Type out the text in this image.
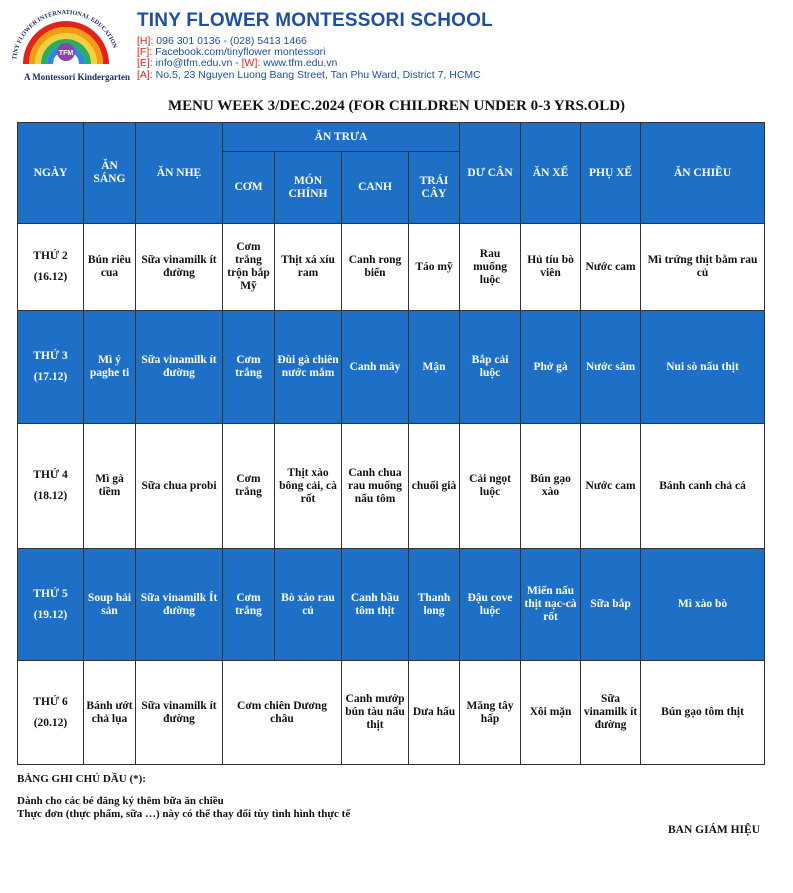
TFM
TINY FLOWER INTERNATIONAL EDUCATION
A Montessori Kindergarten
TINY FLOWER MONTESSORI SCHOOL
[H]: 096 301 0136 - (028) 5413 1466
[F]: Facebook.com/tinyflower montessori
[E]: info@tfm.edu.vn - [W]: www.tfm.edu.vn
[A]: No.5, 23 Nguyen Luong Bang Street, Tan Phu Ward, District 7, HCMC
MENU WEEK 3/DEC.2024 (FOR CHILDREN UNDER 0-3 YRS.OLD)
NGÀY	ĂN SÁNG	ĂN NHẸ	ĂN TRƯA				DƯ CÂN	ĂN XẾ	PHỤ XẾ	ĂN CHIỀU
			CƠM	MÓN CHÍNH	CANH	TRÁI CÂY				

THỨ 2
(16.12)	Bún riêu cua	Sữa vinamilk ít đường	Cơm trắng trộn bắp Mỹ	Thịt xá xíu ram	Canh rong biển	Táo mỹ	Rau muống luộc	Hủ tíu bò viên	Nước cam	Mì trứng thịt bằm rau củ

THỨ 3
(17.12)	Mì ý paghe ti	Sữa vinamilk ít đường	Cơm trắng	Đùi gà chiên nước mắm	Canh mây	Mận	Bắp cải luộc	Phở gà	Nước sâm	Nui sò nấu thịt

THỨ 4
(18.12)	Mì gà tiềm	Sữa chua probi	Cơm trắng	Thịt xào bông cải, cà rốt	Canh chua rau muống nấu tôm	chuối già	Cải ngọt luộc	Bún gạo xào	Nước cam	Bánh canh chả cá

THỨ 5
(19.12)	Soup hải sản	Sữa vinamilk Ít đường	Cơm trắng	Bò xào rau củ	Canh bầu tôm thịt	Thanh long	Đậu cove luộc	Miến nấu thịt nạc-cà rốt	Sữa bắp	Mì xào bò

THỨ 6
(20.12)	Bánh ướt chả lụa	Sữa vinamilk ít đường	Cơm chiên Dương châu		Canh mướp bún tàu nấu thịt	Dưa hấu	Măng tây hấp	Xôi mặn	Sữa vinamilk ít đường	Bún gạo tôm thịt
BẢNG GHI CHÚ DẦU (*):
Dành cho các bé đăng ký thêm bữa ăn chiều
Thực đơn (thực phẩm, sữa …) này có thể thay đổi tùy tình hình thực tế
BAN GIÁM HIỆU
